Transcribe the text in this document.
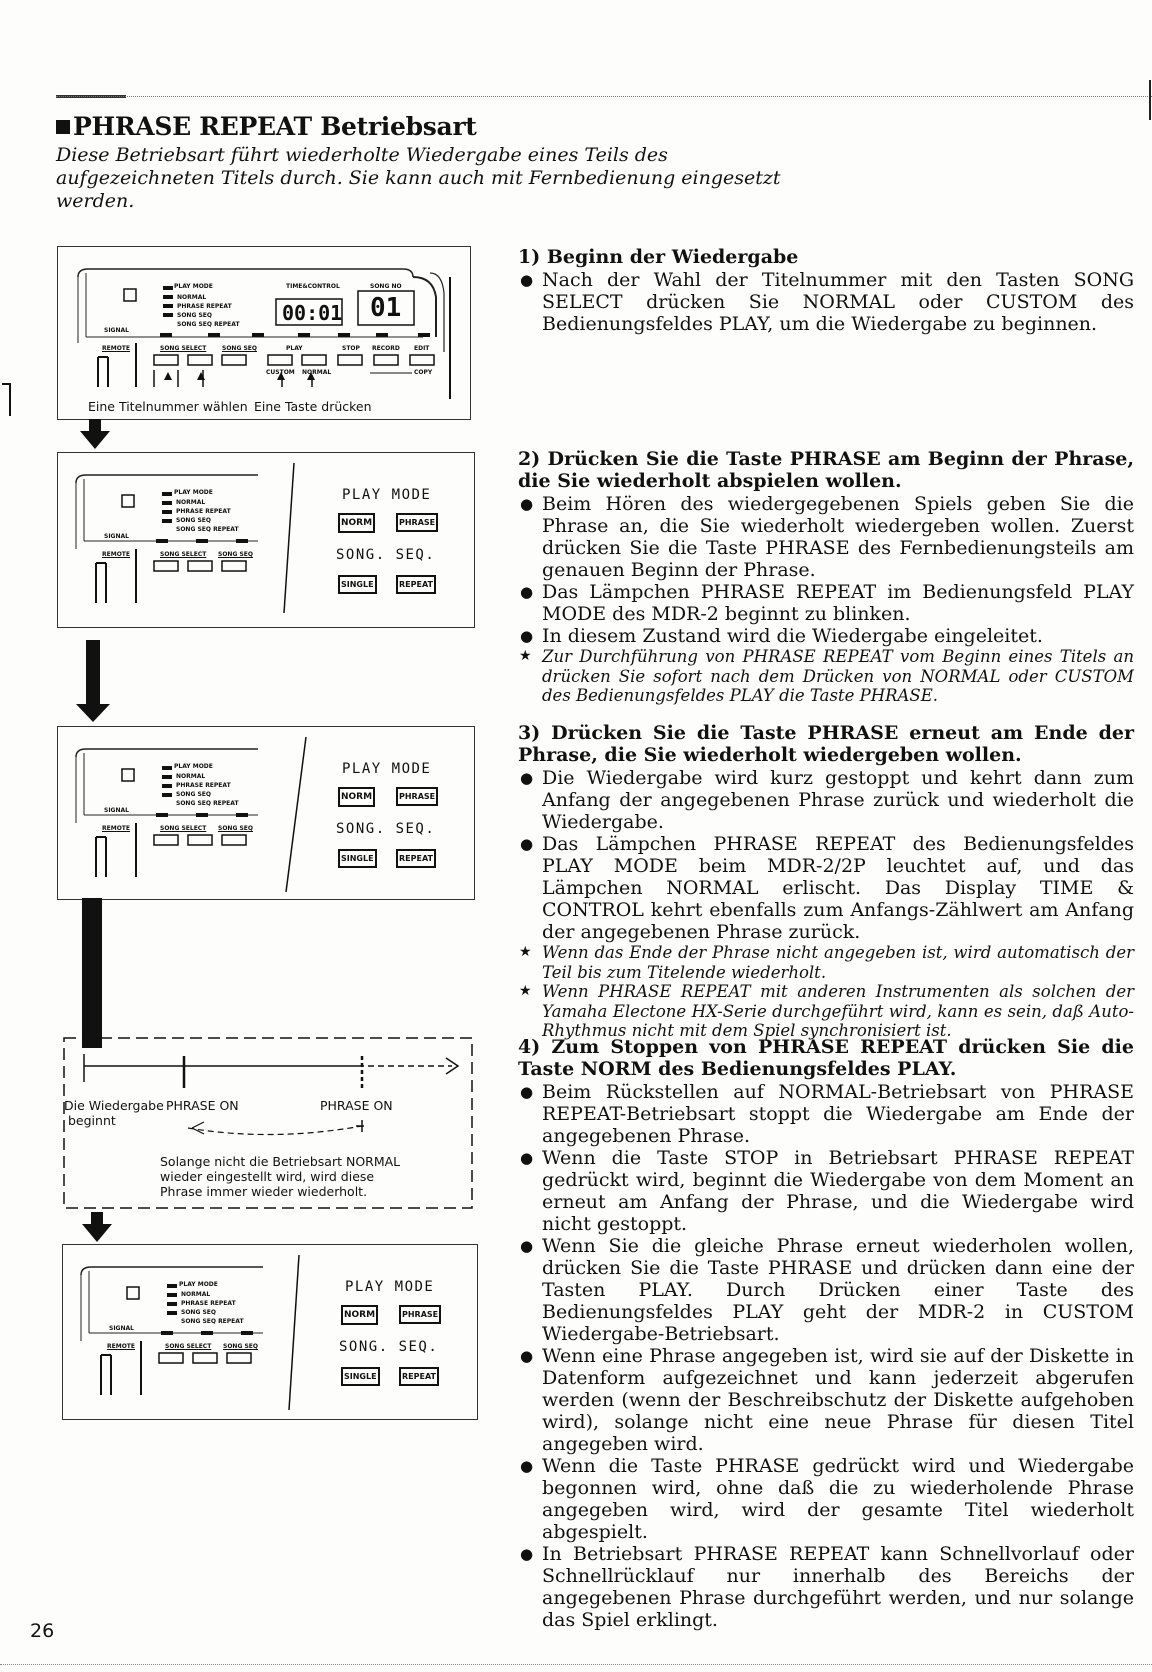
PHRASE REPEAT Betriebsart

Diese Betriebsart führt wiederholte Wiedergabe eines Teils des aufgezeichneten Titels durch. Sie kann auch mit Fernbedienung eingesetzt werden.

PLAY MODE
NORMAL
PHRASE REPEAT
SONG SEQ
SONG SEQ REPEAT
SIGNAL
TIME&CONTROL	SONG NO
00:01 01
REMOTE	SONG SELECT	SONG SEQ	PLAY	STOP RECORD EDIT
CUSTOM NORMAL	COPY
Eine Titelnummer wählen Eine Taste drücken
PLAY MODE
NORMAL
PHRASE REPEAT
SONG SEQ
SONG SEQ REPEAT
SIGNAL
REMOTE	SONG SELECT SONG SEQ
PLAY MODE
NORM	PHRASE
SONG. SEQ.
SINGLE	REPEAT
PLAY MODE
NORMAL
PHRASE REPEAT
SONG SEQ
SONG SEQ REPEAT
SIGNAL
REMOTE	SONG SELECT SONG SEQ
PLAY MODE
NORM	PHRASE
SONG. SEQ.
SINGLE	REPEAT
Die Wiedergabe
beginnt
PHRASE ON	PHRASE ON
Solange nicht die Betriebsart NORMAL
wieder eingestellt wird, wird diese
Phrase immer wieder wiederholt.
PLAY MODE
NORMAL
PHRASE REPEAT
SONG SEQ
SONG SEQ REPEAT
SIGNAL
REMOTE	SONG SELECT SONG SEQ
PLAY MODE
NORM	PHRASE
SONG. SEQ.
SINGLE	REPEAT
1) Beginn der Wiedergabe
● Nach der Wahl der Titelnummer mit den Tasten SONG SELECT drücken Sie NORMAL oder CUSTOM des Bedienungsfeldes PLAY, um die Wiedergabe zu beginnen.
2) Drücken Sie die Taste PHRASE am Beginn der Phrase, die Sie wiederholt abspielen wollen.
● Beim Hören des wiedergegebenen Spiels geben Sie die Phrase an, die Sie wiederholt wiedergeben wollen. Zuerst drücken Sie die Taste PHRASE des Fernbedienungsteils am genauen Beginn der Phrase.
● Das Lämpchen PHRASE REPEAT im Bedienungsfeld PLAY MODE des MDR-2 beginnt zu blinken.
● In diesem Zustand wird die Wiedergabe eingeleitet.
★ Zur Durchführung von PHRASE REPEAT vom Beginn eines Titels an drücken Sie sofort nach dem Drücken von NORMAL oder CUSTOM des Bedienungsfeldes PLAY die Taste PHRASE.
3) Drücken Sie die Taste PHRASE erneut am Ende der Phrase, die Sie wiederholt wiedergeben wollen.
● Die Wiedergabe wird kurz gestoppt und kehrt dann zum Anfang der angegebenen Phrase zurück und wiederholt die Wiedergabe.
● Das Lämpchen PHRASE REPEAT des Bedienungsfeldes PLAY MODE beim MDR-2/2P leuchtet auf, und das Lämpchen NORMAL erlischt. Das Display TIME & CONTROL kehrt ebenfalls zum Anfangs-Zählwert am Anfang der angegebenen Phrase zurück.
★ Wenn das Ende der Phrase nicht angegeben ist, wird automatisch der Teil bis zum Titelende wiederholt.
★ Wenn PHRASE REPEAT mit anderen Instrumenten als solchen der Yamaha Electone HX-Serie durchgeführt wird, kann es sein, daß Auto-Rhythmus nicht mit dem Spiel synchronisiert ist.
4) Zum Stoppen von PHRASE REPEAT drücken Sie die Taste NORM des Bedienungsfeldes PLAY.
● Beim Rückstellen auf NORMAL-Betriebsart von PHRASE REPEAT-Betriebsart stoppt die Wiedergabe am Ende der angegebenen Phrase.
● Wenn die Taste STOP in Betriebsart PHRASE REPEAT gedrückt wird, beginnt die Wiedergabe von dem Moment an erneut am Anfang der Phrase, und die Wiedergabe wird nicht gestoppt.
● Wenn Sie die gleiche Phrase erneut wiederholen wollen, drücken Sie die Taste PHRASE und drücken dann eine der Tasten PLAY. Durch Drücken einer Taste des Bedienungsfeldes PLAY geht der MDR-2 in CUSTOM Wiedergabe-Betriebsart.
● Wenn eine Phrase angegeben ist, wird sie auf der Diskette in Datenform aufgezeichnet und kann jederzeit abgerufen werden (wenn der Beschreibschutz der Diskette aufgehoben wird), solange nicht eine neue Phrase für diesen Titel angegeben wird.
● Wenn die Taste PHRASE gedrückt wird und Wiedergabe begonnen wird, ohne daß die zu wiederholende Phrase angegeben wird, wird der gesamte Titel wiederholt abgespielt.
● In Betriebsart PHRASE REPEAT kann Schnellvorlauf oder Schnellrücklauf nur innerhalb des Bereichs der angegebenen Phrase durchgeführt werden, und nur solange das Spiel erklingt.
26
